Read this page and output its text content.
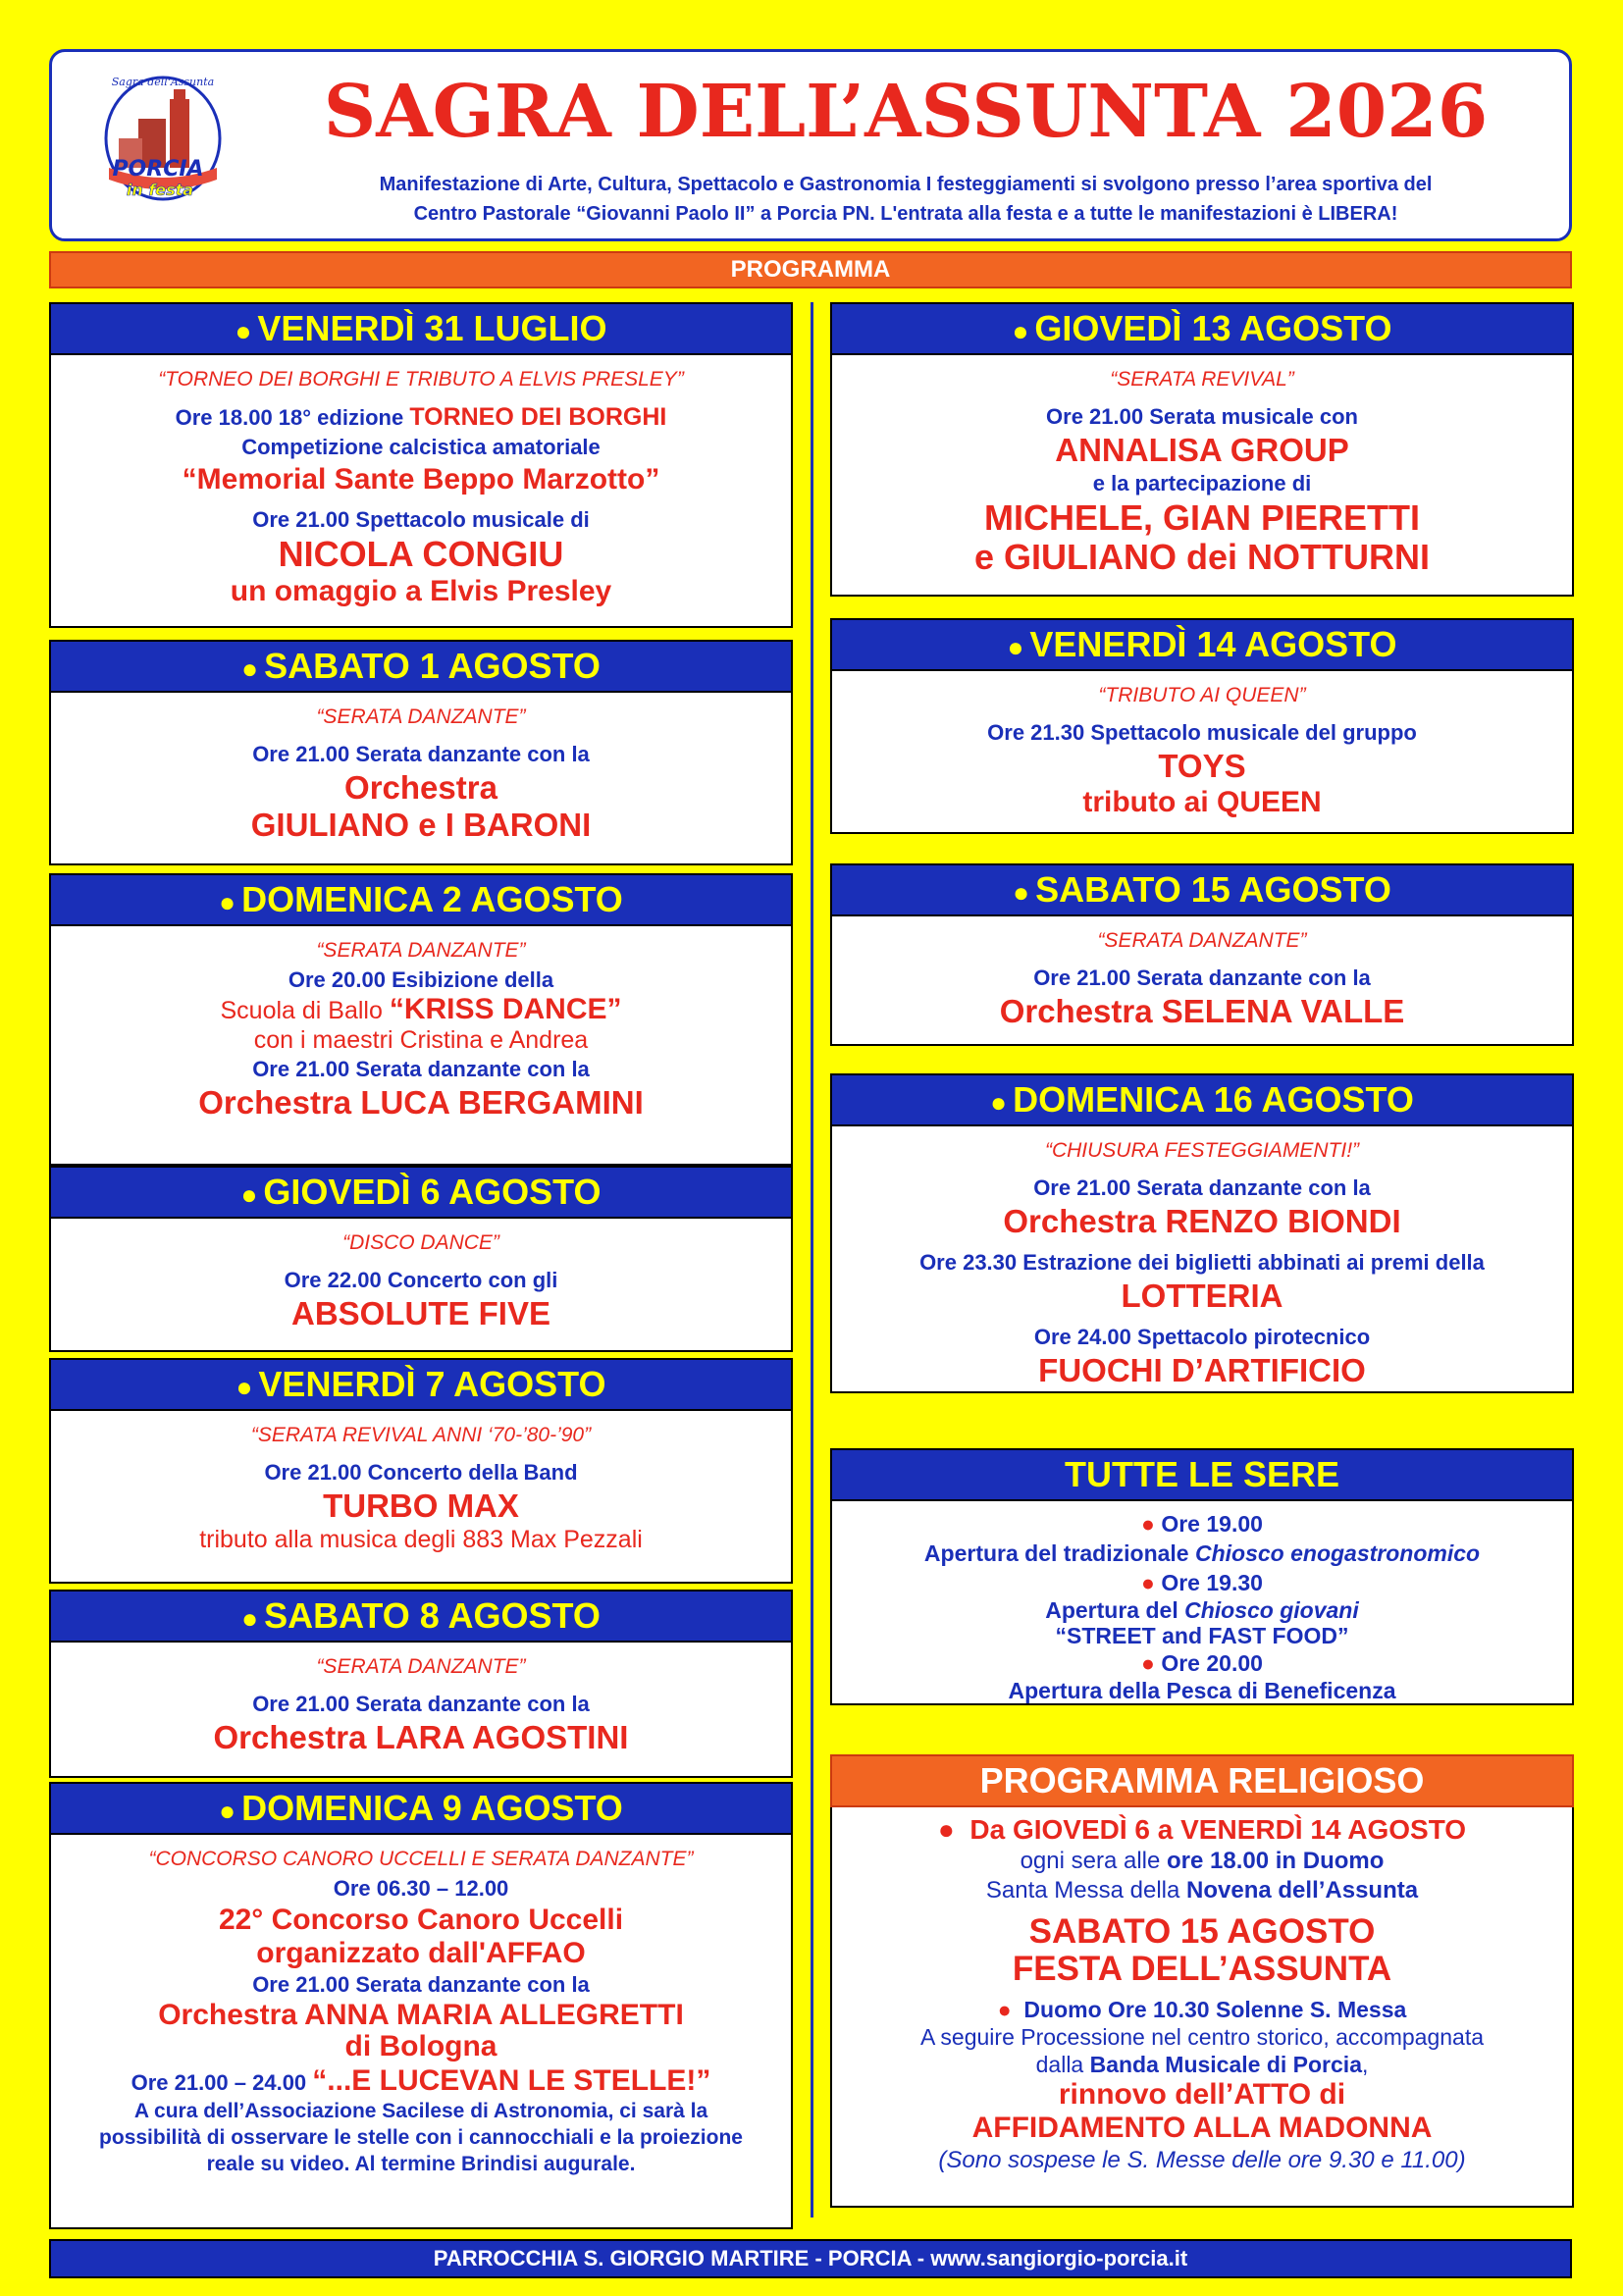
Sagra dell'Assunta
PORCIA
in festa
SAGRA DELL’ASSUNTA 2026
Manifestazione di Arte, Cultura, Spettacolo e Gastronomia I festeggiamenti si svolgono presso l’area sportiva del
Centro Pastorale “Giovanni Paolo II” a Porcia PN. L'entrata alla festa e a tutte le manifestazioni è LIBERA!
PROGRAMMA
● VENERDÌ 31 LUGLIO
“TORNEO DEI BORGHI E TRIBUTO A ELVIS PRESLEY”
Ore 18.00 18° edizione TORNEO DEI BORGHI
Competizione calcistica amatoriale
“Memorial Sante Beppo Marzotto”
Ore 21.00 Spettacolo musicale di
NICOLA CONGIU
un omaggio a Elvis Presley
● SABATO 1 AGOSTO
“SERATA DANZANTE”
Ore 21.00 Serata danzante con la
Orchestra
GIULIANO e I BARONI
● DOMENICA 2 AGOSTO
“SERATA DANZANTE”
Ore 20.00 Esibizione della
Scuola di Ballo “KRISS DANCE”
con i maestri Cristina e Andrea
Ore 21.00 Serata danzante con la
Orchestra LUCA BERGAMINI
● GIOVEDÌ 6 AGOSTO
“DISCO DANCE”
Ore 22.00 Concerto con gli
ABSOLUTE FIVE
● VENERDÌ 7 AGOSTO
“SERATA REVIVAL ANNI ‘70-’80-’90”
Ore 21.00 Concerto della Band
TURBO MAX
tributo alla musica degli 883 Max Pezzali
● SABATO 8 AGOSTO
“SERATA DANZANTE”
Ore 21.00 Serata danzante con la
Orchestra LARA AGOSTINI
● DOMENICA 9 AGOSTO
“CONCORSO CANORO UCCELLI E SERATA DANZANTE”
Ore 06.30 – 12.00
22° Concorso Canoro Uccelli
organizzato dall'AFFAO
Ore 21.00 Serata danzante con la
Orchestra ANNA MARIA ALLEGRETTI
di Bologna
Ore 21.00 – 24.00 “...E LUCEVAN LE STELLE!”
A cura dell’Associazione Sacilese di Astronomia, ci sarà la
possibilità di osservare le stelle con i cannocchiali e la proiezione
reale su video. Al termine Brindisi augurale.
● GIOVEDÌ 13 AGOSTO
“SERATA REVIVAL”
Ore 21.00 Serata musicale con
ANNALISA GROUP
e la partecipazione di
MICHELE, GIAN PIERETTI
e GIULIANO dei NOTTURNI
● VENERDÌ 14 AGOSTO
“TRIBUTO AI QUEEN”
Ore 21.30 Spettacolo musicale del gruppo
TOYS
tributo ai QUEEN
● SABATO 15 AGOSTO
“SERATA DANZANTE”
Ore 21.00 Serata danzante con la
Orchestra SELENA VALLE
● DOMENICA 16 AGOSTO
“CHIUSURA FESTEGGIAMENTI!”
Ore 21.00 Serata danzante con la
Orchestra RENZO BIONDI
Ore 23.30 Estrazione dei biglietti abbinati ai premi della
LOTTERIA
Ore 24.00 Spettacolo pirotecnico
FUOCHI D’ARTIFICIO
TUTTE LE SERE
● Ore 19.00
Apertura del tradizionale Chiosco enogastronomico
● Ore 19.30
Apertura del Chiosco giovani
“STREET and FAST FOOD”
● Ore 20.00
Apertura della Pesca di Beneficenza
PROGRAMMA RELIGIOSO
● Da GIOVEDÌ 6 a VENERDÌ 14 AGOSTO
ogni sera alle ore 18.00 in Duomo
Santa Messa della Novena dell’Assunta
SABATO 15 AGOSTO
FESTA DELL’ASSUNTA
● Duomo Ore 10.30 Solenne S. Messa
A seguire Processione nel centro storico, accompagnata
dalla Banda Musicale di Porcia,
rinnovo dell’ATTO di
AFFIDAMENTO ALLA MADONNA
(Sono sospese le S. Messe delle ore 9.30 e 11.00)
PARROCCHIA S. GIORGIO MARTIRE - PORCIA - www.sangiorgio-porcia.it
